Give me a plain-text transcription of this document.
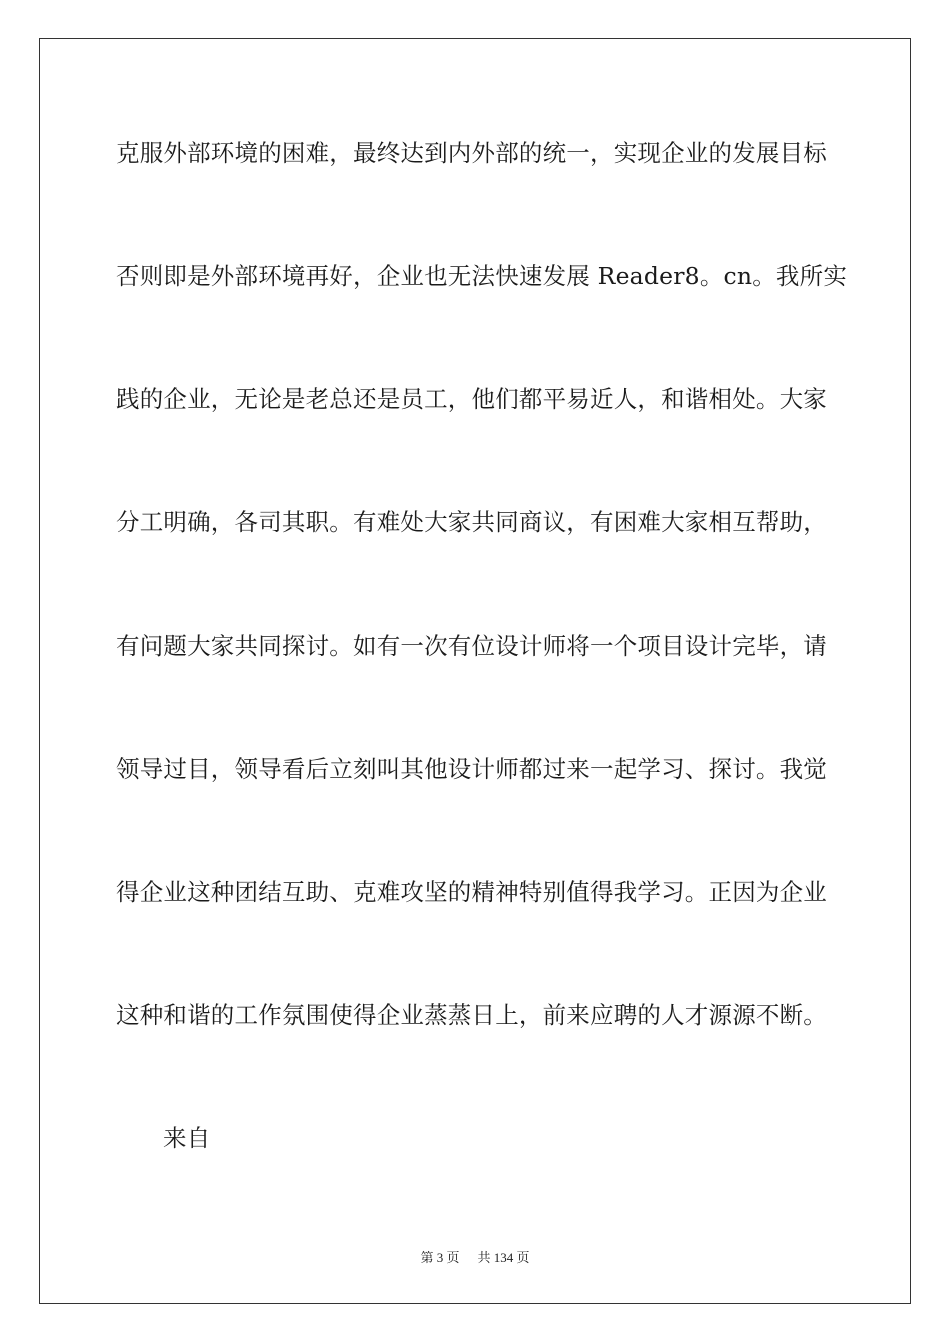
克服外部环境的困难，最终达到内外部的统一，实现企业的发展目标
否则即是外部环境再好，企业也无法快速发展 Reader8。cn。我所实
践的企业，无论是老总还是员工，他们都平易近人，和谐相处。大家
分工明确，各司其职。有难处大家共同商议，有困难大家相互帮助，
有问题大家共同探讨。如有一次有位设计师将一个项目设计完毕，请
领导过目，领导看后立刻叫其他设计师都过来一起学习、探讨。我觉
得企业这种团结互助、克难攻坚的精神特别值得我学习。正因为企业
这种和谐的工作氛围使得企业蒸蒸日上，前来应聘的人才源源不断。
来自
第 3 页 共 134 页
